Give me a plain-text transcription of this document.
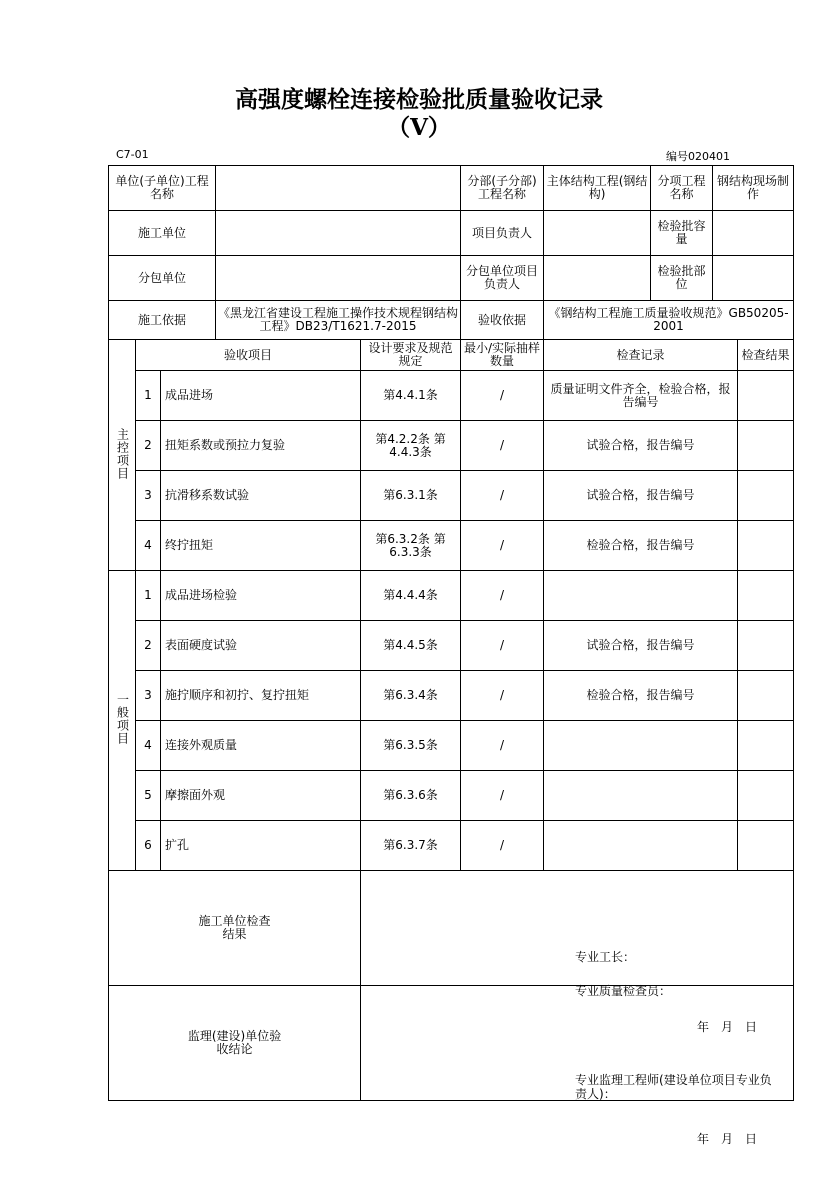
高强度螺栓连接检验批质量验收记录
（Ⅴ）
C7-01	编号020401
单位(子单位)工程名称					分部(子分部)工程名称	主体结构工程(钢结构)	分项工程名称	钢结构现场制作	
施工单位					项目负责人		检验批容量		
分包单位					分包单位项目负责人		检验批部位		
施工依据			《黑龙江省建设工程施工操作技术规程钢结构工程》DB23/T1621.7-2015		验收依据	《钢结构工程施工质量验收规范》GB50205-2001			
主控项目	验收项目			设计要求及规范规定	最小/实际抽样数量	检查记录			检查结果
	1	成品进场		第4.4.1条	/	质量证明文件齐全，检验合格，报告编号			
	2	扭矩系数或预拉力复验		第4.2.2条 第4.4.3条	/	试验合格，报告编号			
	3	抗滑移系数试验		第6.3.1条	/	试验合格，报告编号			
	4	终拧扭矩		第6.3.2条 第6.3.3条	/	检验合格，报告编号			
一般项目	1	成品进场检验		第4.4.4条	/				
	2	表面硬度试验		第4.4.5条	/	试验合格，报告编号			
	3	施拧顺序和初拧、复拧扭矩		第6.3.4条	/	检验合格，报告编号			
	4	连接外观质量		第6.3.5条	/				
	5	摩擦面外观		第6.3.6条	/				
	6	扩孔		第6.3.7条	/				

施工单位检查结果				专业工长：
专业质量检查员：
年　月　日					

监理(建设)单位验收结论				专业监理工程师(建设单位项目专业负责人)：
年　月　日					
